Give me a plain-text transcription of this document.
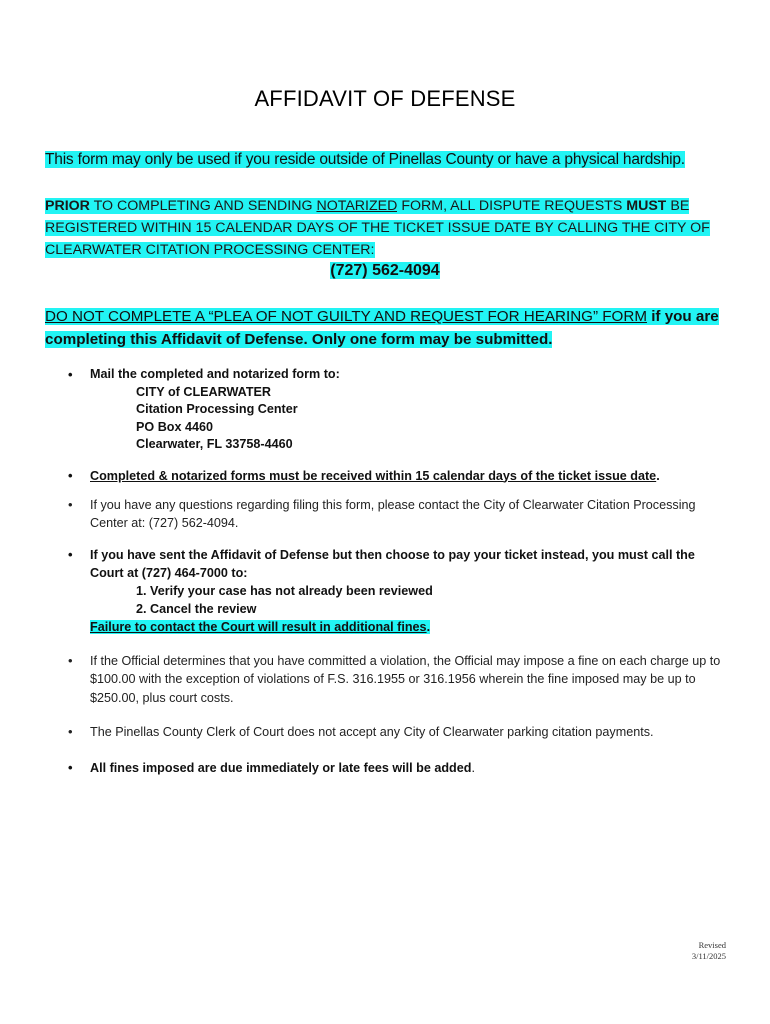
AFFIDAVIT OF DEFENSE
This form may only be used if you reside outside of Pinellas County or have a physical hardship.
PRIOR TO COMPLETING AND SENDING NOTARIZED FORM, ALL DISPUTE REQUESTS MUST BE REGISTERED WITHIN 15 CALENDAR DAYS OF THE TICKET ISSUE DATE BY CALLING THE CITY OF CLEARWATER CITATION PROCESSING CENTER:
(727) 562-4094
DO NOT COMPLETE A “PLEA OF NOT GUILTY AND REQUEST FOR HEARING” FORM if you are completing this Affidavit of Defense. Only one form may be submitted.
• Mail the completed and notarized form to:
CITY of CLEARWATER
Citation Processing Center
PO Box 4460
Clearwater, FL 33758-4460
• Completed & notarized forms must be received within 15 calendar days of the ticket issue date.
• If you have any questions regarding filing this form, please contact the City of Clearwater Citation Processing Center at: (727) 562-4094.
• If you have sent the Affidavit of Defense but then choose to pay your ticket instead, you must call the Court at (727) 464-7000 to:
1. Verify your case has not already been reviewed
2. Cancel the review
Failure to contact the Court will result in additional fines.
• If the Official determines that you have committed a violation, the Official may impose a fine on each charge up to $100.00 with the exception of violations of F.S. 316.1955 or 316.1956 wherein the fine imposed may be up to $250.00, plus court costs.
• The Pinellas County Clerk of Court does not accept any City of Clearwater parking citation payments.
• All fines imposed are due immediately or late fees will be added.
Revised
3/11/2025
